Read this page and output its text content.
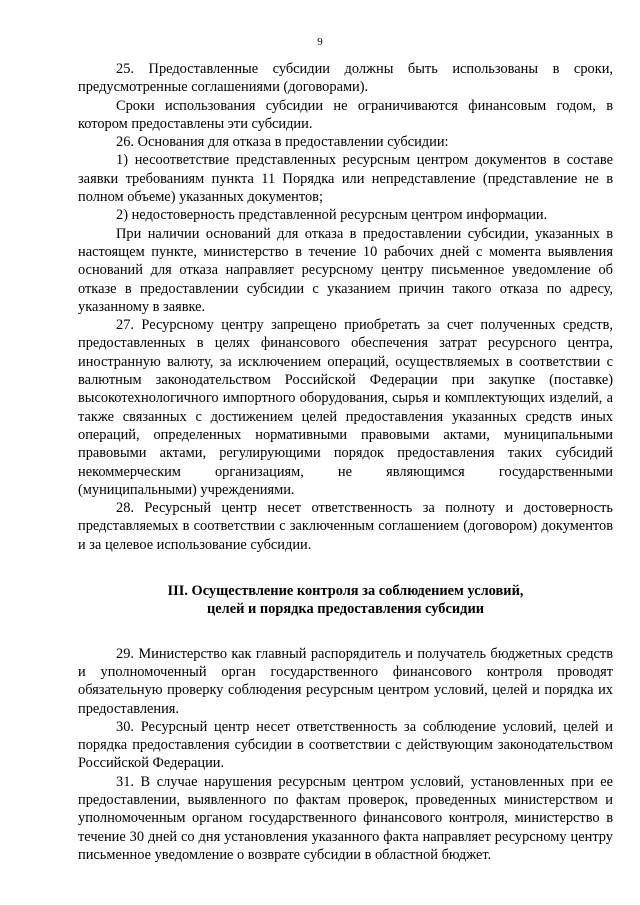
9

25. Предоставленные субсидии должны быть использованы в сроки, предусмотренные соглашениями (договорами).

Сроки использования субсидии не ограничиваются финансовым годом, в котором предоставлены эти субсидии.

26. Основания для отказа в предоставлении субсидии:

1) несоответствие представленных ресурсным центром документов в составе заявки требованиям пункта 11 Порядка или непредставление (представление не в полном объеме) указанных документов;

2) недостоверность представленной ресурсным центром информации.

При наличии оснований для отказа в предоставлении субсидии, указанных в настоящем пункте, министерство в течение 10 рабочих дней с момента выявления оснований для отказа направляет ресурсному центру письменное уведомление об отказе в предоставлении субсидии с указанием причин такого отказа по адресу, указанному в заявке.

27. Ресурсному центру запрещено приобретать за счет полученных средств, предоставленных в целях финансового обеспечения затрат ресурсного центра, иностранную валюту, за исключением операций, осуществляемых в соответствии с валютным законодательством Российской Федерации при закупке (поставке) высокотехнологичного импортного оборудования, сырья и комплектующих изделий, а также связанных с достижением целей предоставления указанных средств иных операций, определенных нормативными правовыми актами, муниципальными правовыми актами, регулирующими порядок предоставления таких субсидий некоммерческим организациям, не являющимся государственными (муниципальными) учреждениями.

28. Ресурсный центр несет ответственность за полноту и достоверность представляемых в соответствии с заключенным соглашением (договором) документов и за целевое использование субсидии.

III. Осуществление контроля за соблюдением условий,
целей и порядка предоставления субсидии

29. Министерство как главный распорядитель и получатель бюджетных средств и уполномоченный орган государственного финансового контроля проводят обязательную проверку соблюдения ресурсным центром условий, целей и порядка их предоставления.

30. Ресурсный центр несет ответственность за соблюдение условий, целей и порядка предоставления субсидии в соответствии с действующим законодательством Российской Федерации.

31. В случае нарушения ресурсным центром условий, установленных при ее предоставлении, выявленного по фактам проверок, проведенных министерством и уполномоченным органом государственного финансового контроля, министерство в течение 30 дней со дня установления указанного факта направляет ресурсному центру письменное уведомление о возврате субсидии в областной бюджет.
